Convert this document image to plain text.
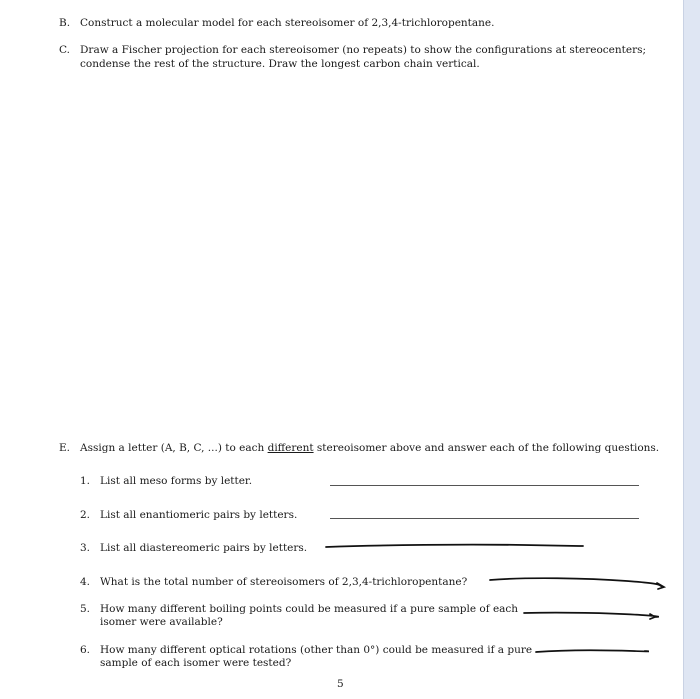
B. Construct a molecular model for each stereoisomer of 2,3,4-trichloropentane.
C. Draw a Fischer projection for each stereoisomer (no repeats) to show the configurations at stereocenters;
condense the rest of the structure. Draw the longest carbon chain vertical.
E. Assign a letter (A, B, C, ...) to each different stereoisomer above and answer each of the following questions.
1. List all meso forms by letter.
2. List all enantiomeric pairs by letters.
3. List all diastereomeric pairs by letters.
4. What is the total number of stereoisomers of 2,3,4-trichloropentane?
5. How many different boiling points could be measured if a pure sample of each
isomer were available?
6. How many different optical rotations (other than 0°) could be measured if a pure
sample of each isomer were tested?
5
